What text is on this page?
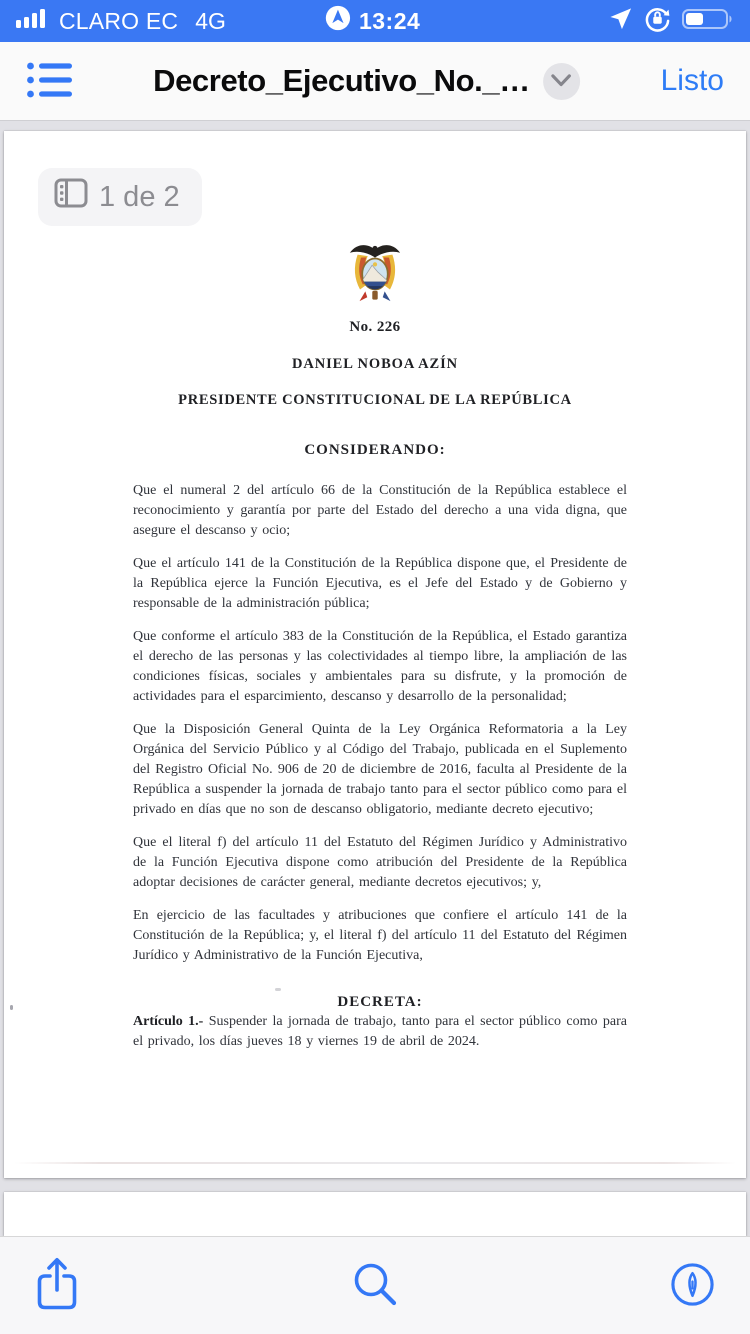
CLARO EC 4G	13:24
Decreto_Ejecutivo_No._…	Listo
1 de 2
No. 226
DANIEL NOBOA AZÍN
PRESIDENTE CONSTITUCIONAL DE LA REPÚBLICA
CONSIDERANDO:

Que el numeral 2 del artículo 66 de la Constitución de la República establece el reconocimiento y garantía por parte del Estado del derecho a una vida digna, que asegure el descanso y ocio;

Que el artículo 141 de la Constitución de la República dispone que, el Presidente de la República ejerce la Función Ejecutiva, es el Jefe del Estado y de Gobierno y responsable de la administración pública;

Que conforme el artículo 383 de la Constitución de la República, el Estado garantiza el derecho de las personas y las colectividades al tiempo libre, la ampliación de las condiciones físicas, sociales y ambientales para su disfrute, y la promoción de actividades para el esparcimiento, descanso y desarrollo de la personalidad;

Que la Disposición General Quinta de la Ley Orgánica Reformatoria a la Ley Orgánica del Servicio Público y al Código del Trabajo, publicada en el Suplemento del Registro Oficial No. 906 de 20 de diciembre de 2016, faculta al Presidente de la República a suspender la jornada de trabajo tanto para el sector público como para el privado en días que no son de descanso obligatorio, mediante decreto ejecutivo;

Que el literal f) del artículo 11 del Estatuto del Régimen Jurídico y Administrativo de la Función Ejecutiva dispone como atribución del Presidente de la República adoptar decisiones de carácter general, mediante decretos ejecutivos; y,

En ejercicio de las facultades y atribuciones que confiere el artículo 141 de la Constitución de la República; y, el literal f) del artículo 11 del Estatuto del Régimen Jurídico y Administrativo de la Función Ejecutiva,

DECRETA:

Artículo 1.- Suspender la jornada de trabajo, tanto para el sector público como para el privado, los días jueves 18 y viernes 19 de abril de 2024.
